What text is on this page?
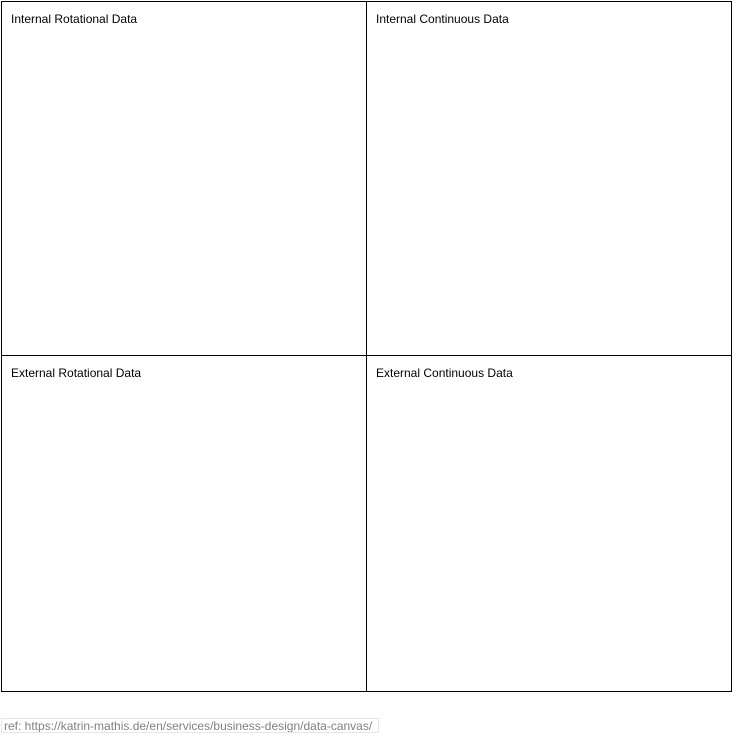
Internal Rotational Data	Internal Continuous Data
External Rotational Data	External Continuous Data
ref: https://katrin-mathis.de/en/services/business-design/data-canvas/
